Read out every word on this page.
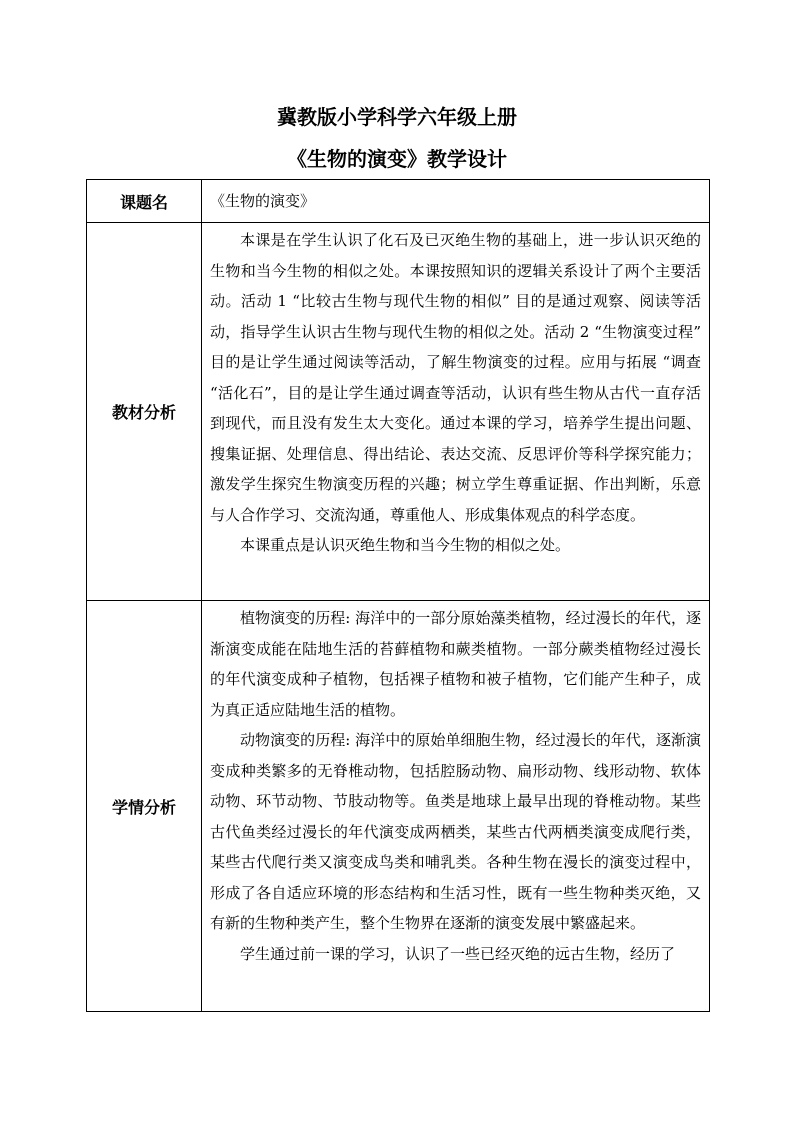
冀教版小学科学六年级上册
《生物的演变》教学设计
课题名	《生物的演变》
教材分析	本课是在学生认识了化石及已灭绝生物的基础上，进一步认识灭绝的生物和当今生物的相似之处。本课按照知识的逻辑关系设计了两个主要活动。活动 1 “比较古生物与现代生物的相似” 目的是通过观察、阅读等活动，指导学生认识古生物与现代生物的相似之处。活动 2 “生物演变过程” 目的是让学生通过阅读等活动，了解生物演变的过程。应用与拓展 “调查 “活化石”，目的是让学生通过调查等活动，认识有些生物从古代一直存活到现代，而且没有发生太大变化。通过本课的学习，培养学生提出问题、搜集证据、处理信息、得出结论、表达交流、反思评价等科学探究能力；激发学生探究生物演变历程的兴趣；树立学生尊重证据、作出判断，乐意与人合作学习、交流沟通，尊重他人、形成集体观点的科学态度。

本课重点是认识灭绝生物和当今生物的相似之处。

学情分析	植物演变的历程: 海洋中的一部分原始藻类植物，经过漫长的年代，逐渐演变成能在陆地生活的苔藓植物和蕨类植物。一部分蕨类植物经过漫长的年代演变成种子植物，包括裸子植物和被子植物，它们能产生种子，成为真正适应陆地生活的植物。

动物演变的历程: 海洋中的原始单细胞生物，经过漫长的年代，逐渐演变成种类繁多的无脊椎动物，包括腔肠动物、扁形动物、线形动物、软体动物、环节动物、节肢动物等。鱼类是地球上最早出现的脊椎动物。某些古代鱼类经过漫长的年代演变成两栖类，某些古代两栖类演变成爬行类，某些古代爬行类又演变成鸟类和哺乳类。各种生物在漫长的演变过程中，形成了各自适应环境的形态结构和生活习性，既有一些生物种类灭绝，又有新的生物种类产生，整个生物界在逐渐的演变发展中繁盛起来。

学生通过前一课的学习，认识了一些已经灭绝的远古生物，经历了
